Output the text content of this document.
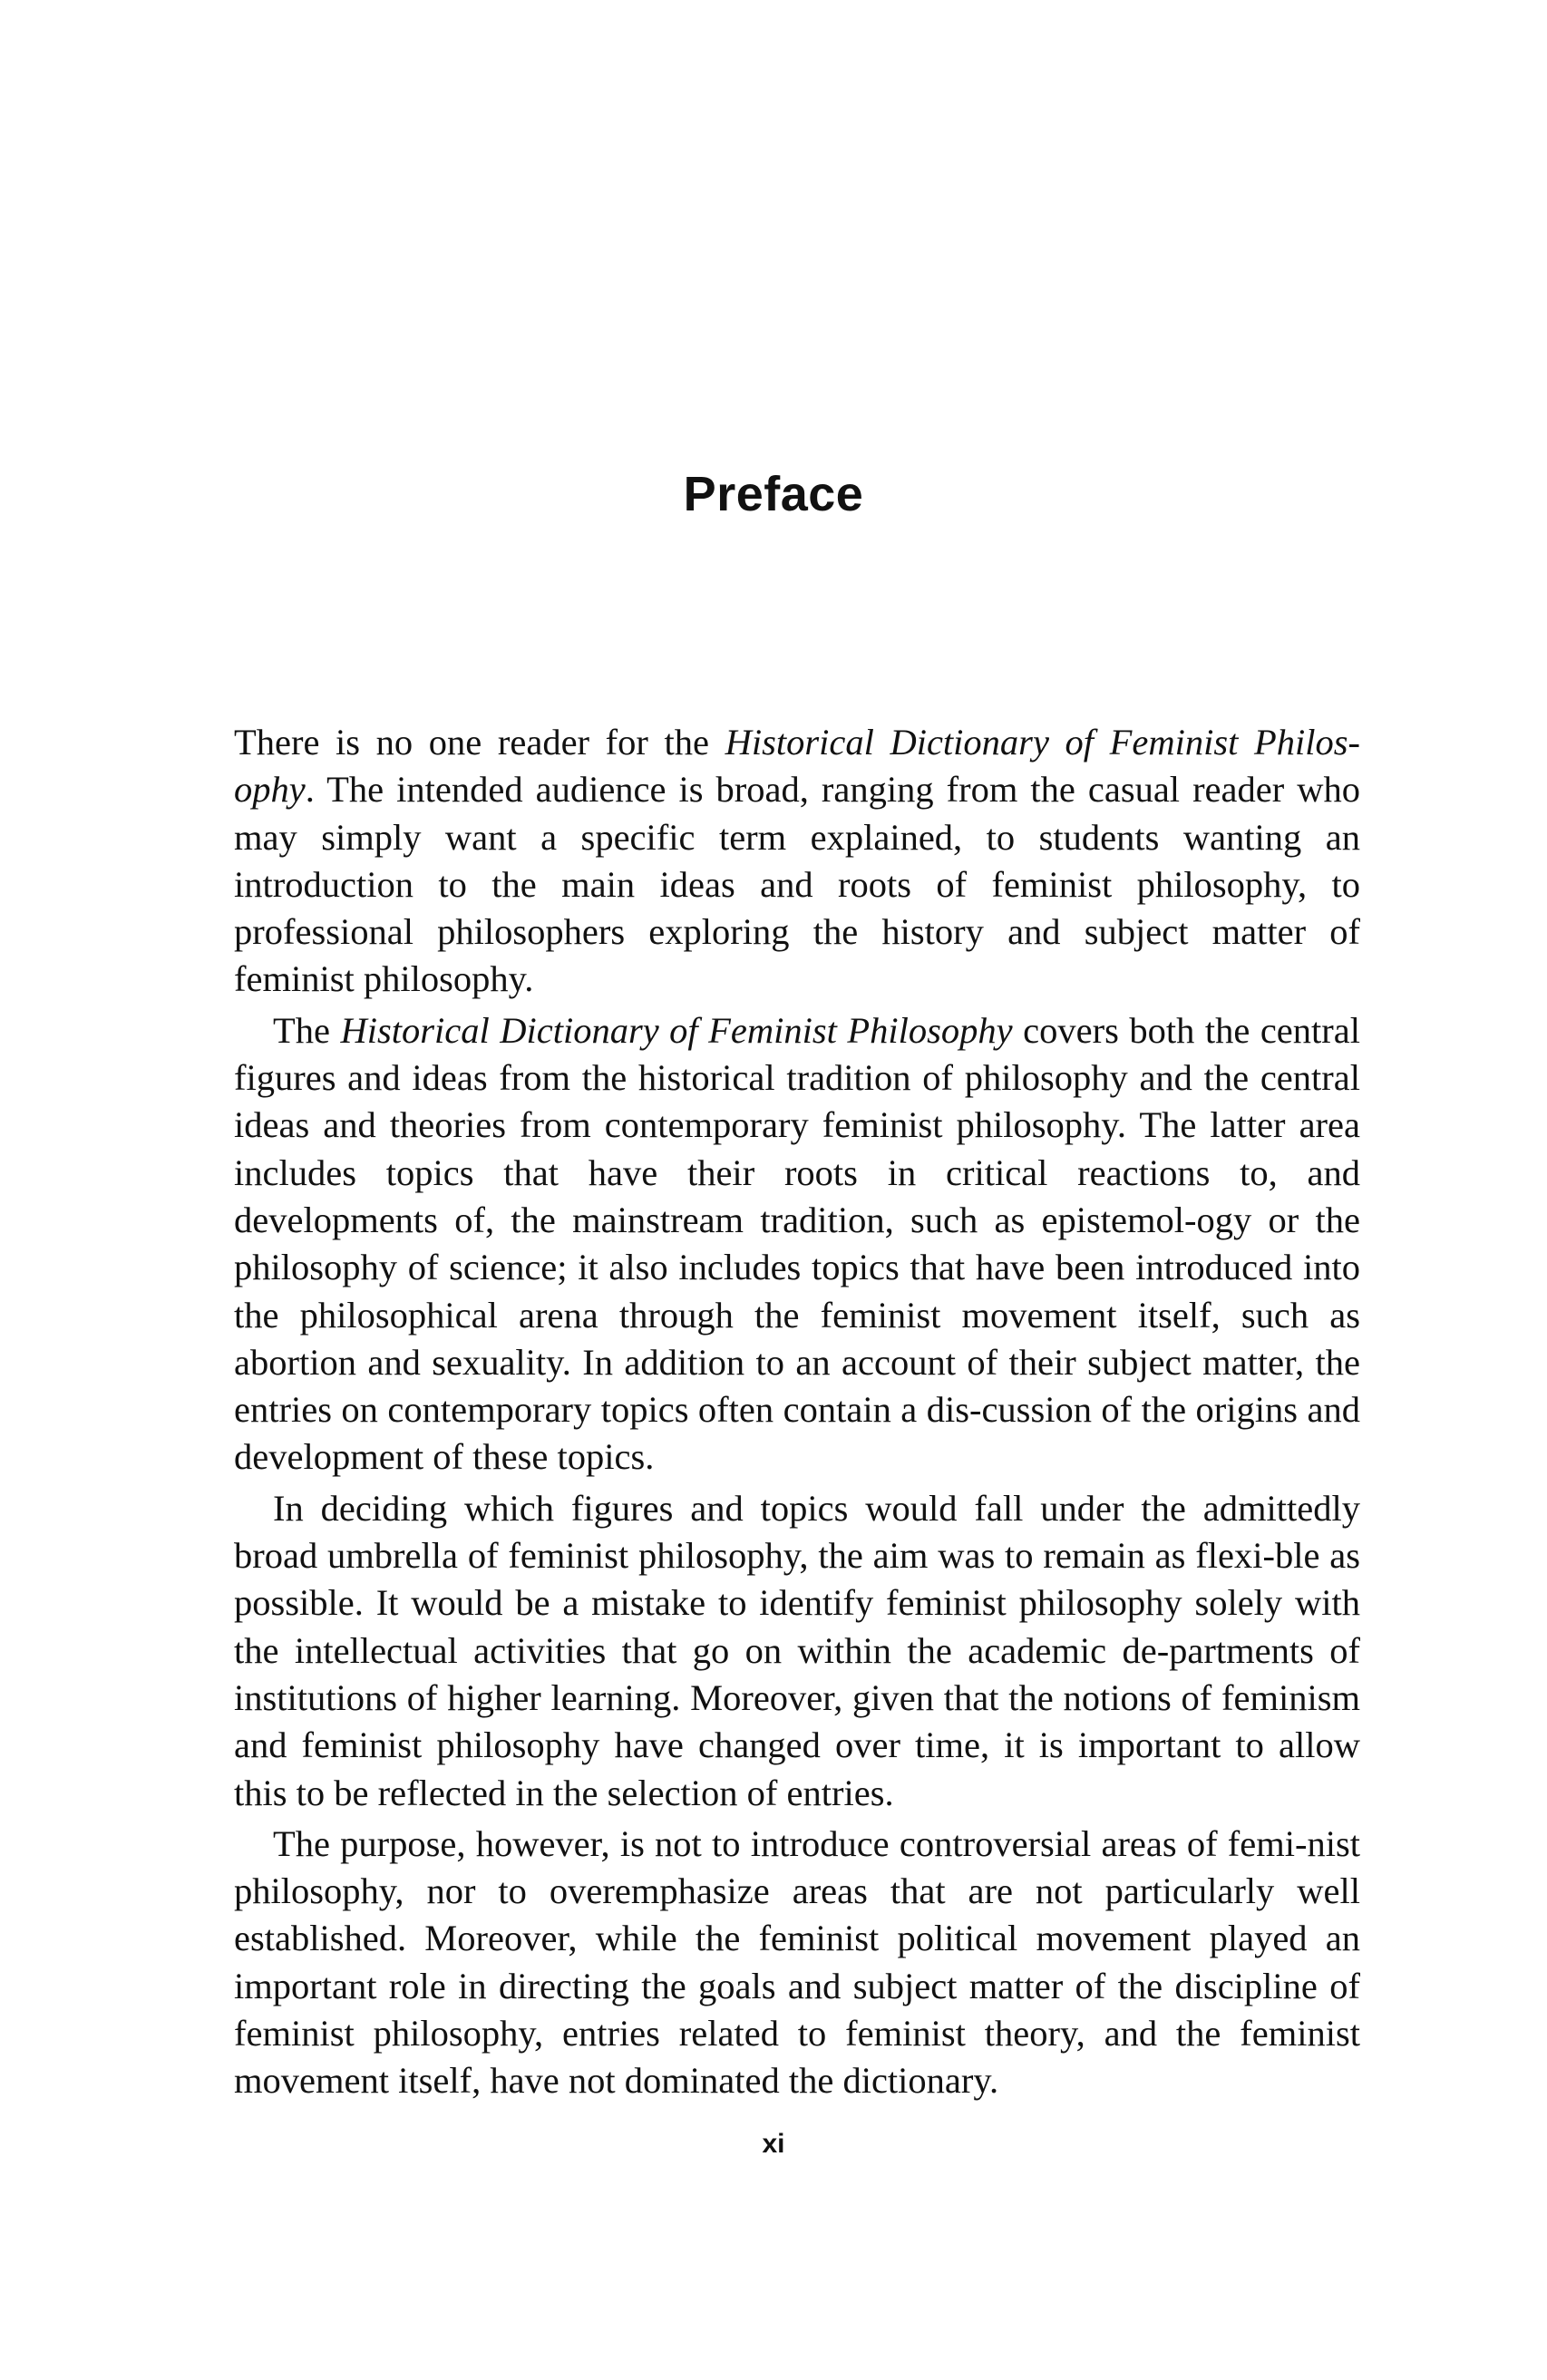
Preface

There is no one reader for the Historical Dictionary of Feminist Philos-ophy. The intended audience is broad, ranging from the casual reader who may simply want a specific term explained, to students wanting an introduction to the main ideas and roots of feminist philosophy, to professional philosophers exploring the history and subject matter of feminist philosophy.

The Historical Dictionary of Feminist Philosophy covers both the central figures and ideas from the historical tradition of philosophy and the central ideas and theories from contemporary feminist philosophy. The latter area includes topics that have their roots in critical reactions to, and developments of, the mainstream tradition, such as epistemol-ogy or the philosophy of science; it also includes topics that have been introduced into the philosophical arena through the feminist movement itself, such as abortion and sexuality. In addition to an account of their subject matter, the entries on contemporary topics often contain a dis-cussion of the origins and development of these topics.

In deciding which figures and topics would fall under the admittedly broad umbrella of feminist philosophy, the aim was to remain as flexi-ble as possible. It would be a mistake to identify feminist philosophy solely with the intellectual activities that go on within the academic de-partments of institutions of higher learning. Moreover, given that the notions of feminism and feminist philosophy have changed over time, it is important to allow this to be reflected in the selection of entries.

The purpose, however, is not to introduce controversial areas of femi-nist philosophy, nor to overemphasize areas that are not particularly well established. Moreover, while the feminist political movement played an important role in directing the goals and subject matter of the discipline of feminist philosophy, entries related to feminist theory, and the feminist movement itself, have not dominated the dictionary.

xi
